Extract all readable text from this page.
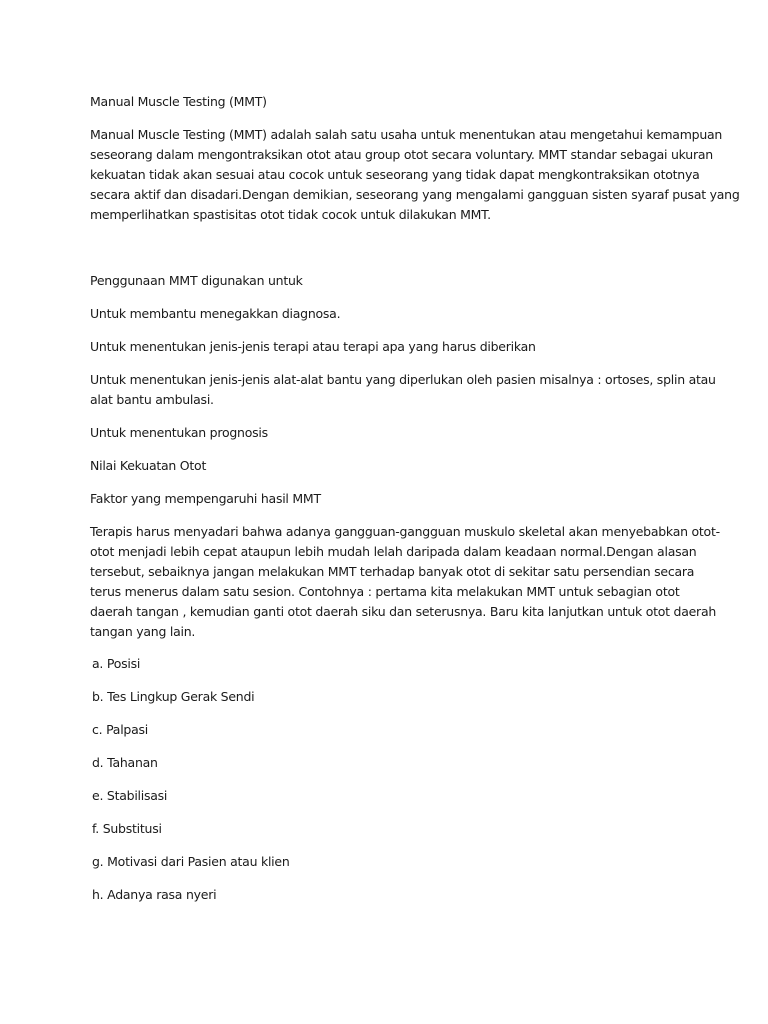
Manual Muscle Testing (MMT)

Manual Muscle Testing (MMT) adalah salah satu usaha untuk menentukan atau mengetahui kemampuan

seseorang dalam mengontraksikan otot atau group otot secara voluntary. MMT standar sebagai ukuran

kekuatan tidak akan sesuai atau cocok untuk seseorang yang tidak dapat mengkontraksikan ototnya

secara aktif dan disadari.Dengan demikian, seseorang yang mengalami gangguan sisten syaraf pusat yang

memperlihatkan spastisitas otot tidak cocok untuk dilakukan MMT.

Penggunaan MMT digunakan untuk

Untuk membantu menegakkan diagnosa.

Untuk menentukan jenis-jenis terapi atau terapi apa yang harus diberikan

Untuk menentukan jenis-jenis alat-alat bantu yang diperlukan oleh pasien misalnya : ortoses, splin atau

alat bantu ambulasi.

Untuk menentukan prognosis

Nilai Kekuatan Otot

Faktor yang mempengaruhi hasil MMT

Terapis harus menyadari bahwa adanya gangguan-gangguan muskulo skeletal akan menyebabkan otot-

otot menjadi lebih cepat ataupun lebih mudah lelah daripada dalam keadaan normal.Dengan alasan

tersebut, sebaiknya jangan melakukan MMT terhadap banyak otot di sekitar satu persendian secara

terus menerus dalam satu sesion. Contohnya : pertama kita melakukan MMT untuk sebagian otot

daerah tangan , kemudian ganti otot daerah siku dan seterusnya. Baru kita lanjutkan untuk otot daerah

tangan yang lain.

a. Posisi

b. Tes Lingkup Gerak Sendi

c. Palpasi

d. Tahanan

e. Stabilisasi

f. Substitusi

g. Motivasi dari Pasien atau klien

h. Adanya rasa nyeri
